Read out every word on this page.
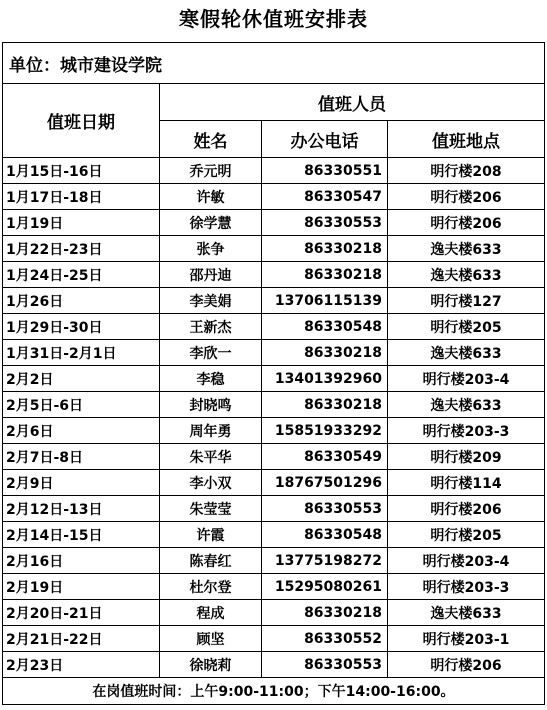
寒假轮休值班安排表
单位：城市建设学院			
值班日期	值班人员		
	姓名	办公电话	值班地点
1月15日-16日	乔元明	86330551	明行楼208
1月17日-18日	许敏	86330547	明行楼206
1月19日	徐学慧	86330553	明行楼206
1月22日-23日	张争	86330218	逸夫楼633
1月24日-25日	邵丹迪	86330218	逸夫楼633
1月26日	李美娟	13706115139	明行楼127
1月29日-30日	王新杰	86330548	明行楼205
1月31日-2月1日	李欣一	86330218	逸夫楼633
2月2日	李稳	13401392960	明行楼203-4
2月5日-6日	封晓鸣	86330218	逸夫楼633
2月6日	周年勇	15851933292	明行楼203-3
2月7日-8日	朱平华	86330549	明行楼209
2月9日	李小双	18767501296	明行楼114
2月12日-13日	朱莹莹	86330553	明行楼206
2月14日-15日	许霞	86330548	明行楼205
2月16日	陈春红	13775198272	明行楼203-4
2月19日	杜尔登	15295080261	明行楼203-3
2月20日-21日	程成	86330218	逸夫楼633
2月21日-22日	顾坚	86330552	明行楼203-1
2月23日	徐晓莉	86330553	明行楼206
在岗值班时间：上午9:00-11:00；下午14:00-16:00。			
